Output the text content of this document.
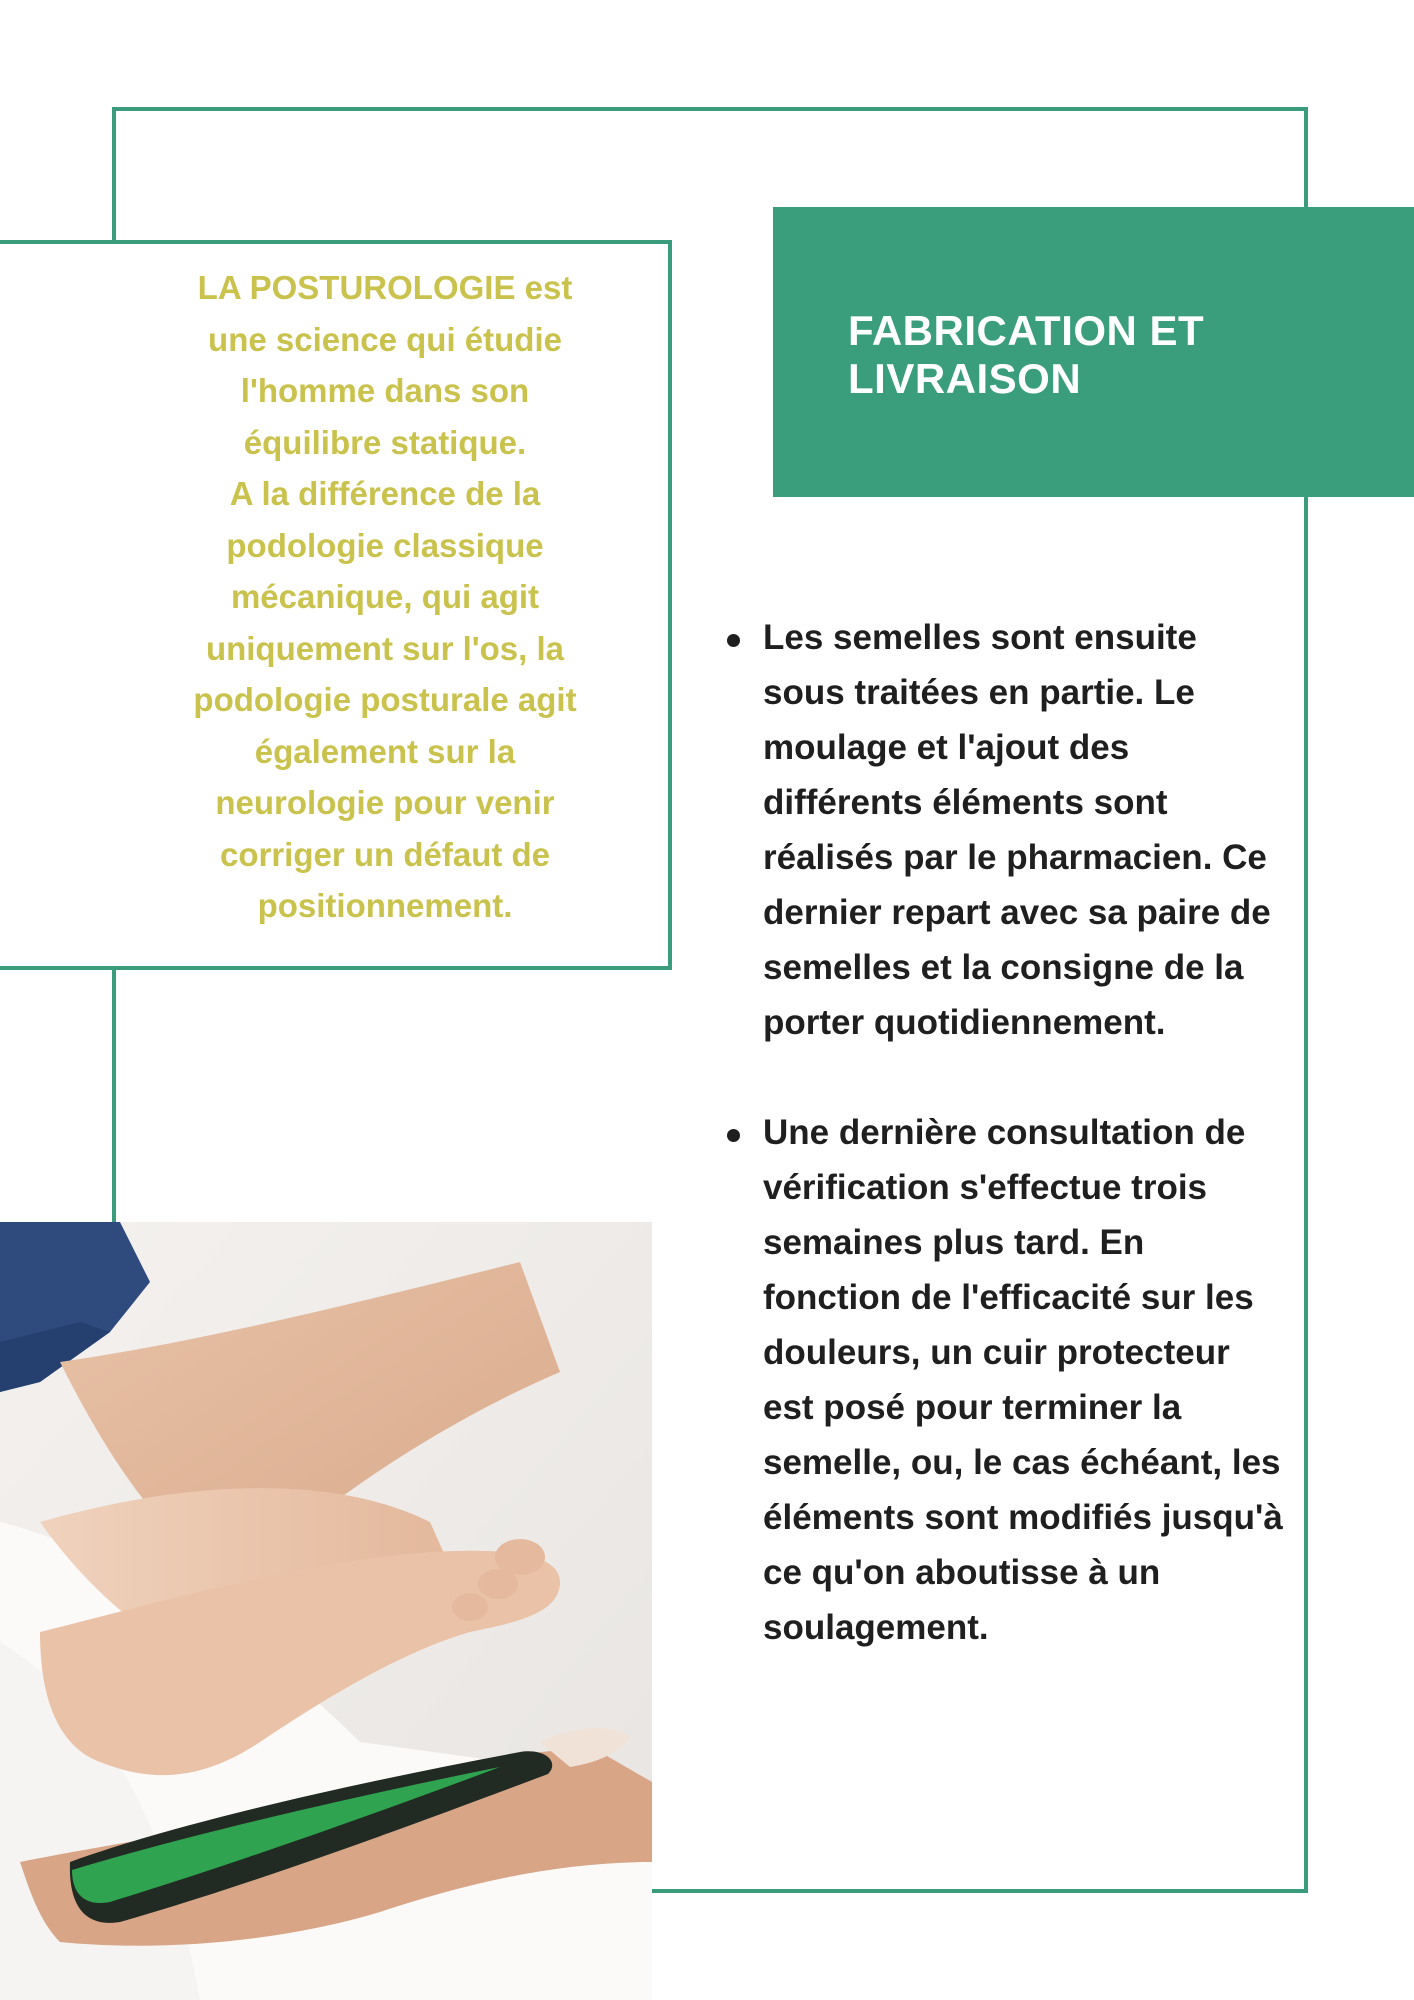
LA POSTUROLOGIE est
une science qui étudie
l'homme dans son
équilibre statique.
A la différence de la
podologie classique
mécanique, qui agit
uniquement sur l'os, la
podologie posturale agit
également sur la
neurologie pour venir
corriger un défaut de
positionnement.
FABRICATION ET
LIVRAISON
Les semelles sont ensuite sous traitées en partie. Le moulage et l'ajout des différents éléments sont réalisés par le pharmacien. Ce dernier repart avec sa paire de semelles et la consigne de la porter quotidiennement.
Une dernière consultation de vérification s'effectue trois semaines plus tard. En fonction de l'efficacité sur les douleurs, un cuir protecteur est posé pour terminer la semelle, ou, le cas échéant, les éléments sont modifiés jusqu'à ce qu'on aboutisse à un soulagement.
